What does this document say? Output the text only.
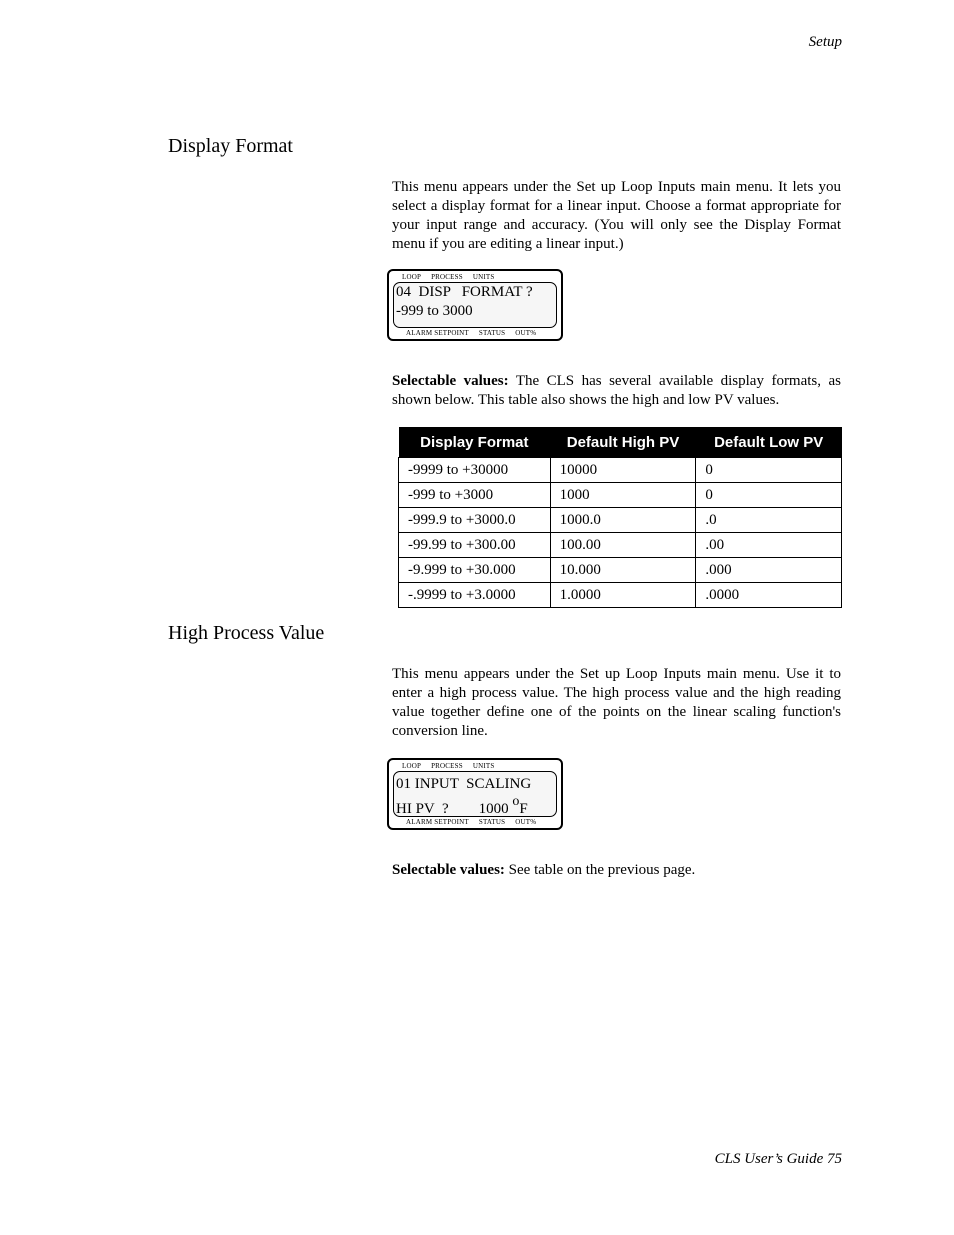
Setup
Display Format
This menu appears under the Set up Loop Inputs main menu. It lets you select a display format for a linear input. Choose a format appropriate for your input range and accuracy. (You will only see the Display Format menu if you are editing a linear input.)
LOOP PROCESS UNITS
04  DISP   FORMAT ?
-999 to 3000
ALARM SETPOINT STATUS OUT%
Selectable values: The CLS has several available display formats, as shown below. This table also shows the high and low PV values.
Display Format	Default High PV	Default Low PV
-9999 to +30000	10000	0
-999 to +3000	1000	0
-999.9 to +3000.0	1000.0	.0
-99.99 to +300.00	100.00	.00
-9.999 to +30.000	10.000	.000
-.9999 to +3.0000	1.0000	.0000
High Process Value
This menu appears under the Set up Loop Inputs main menu. Use it to enter a high process value. The high process value and the high reading value together define one of the points on the linear scaling function's conversion line.
LOOP PROCESS UNITS
01 INPUT  SCALING
HI PV  ?        1000 $^o$F
ALARM SETPOINT STATUS OUT%
Selectable values: See table on the previous page.
CLS User’s Guide 75
